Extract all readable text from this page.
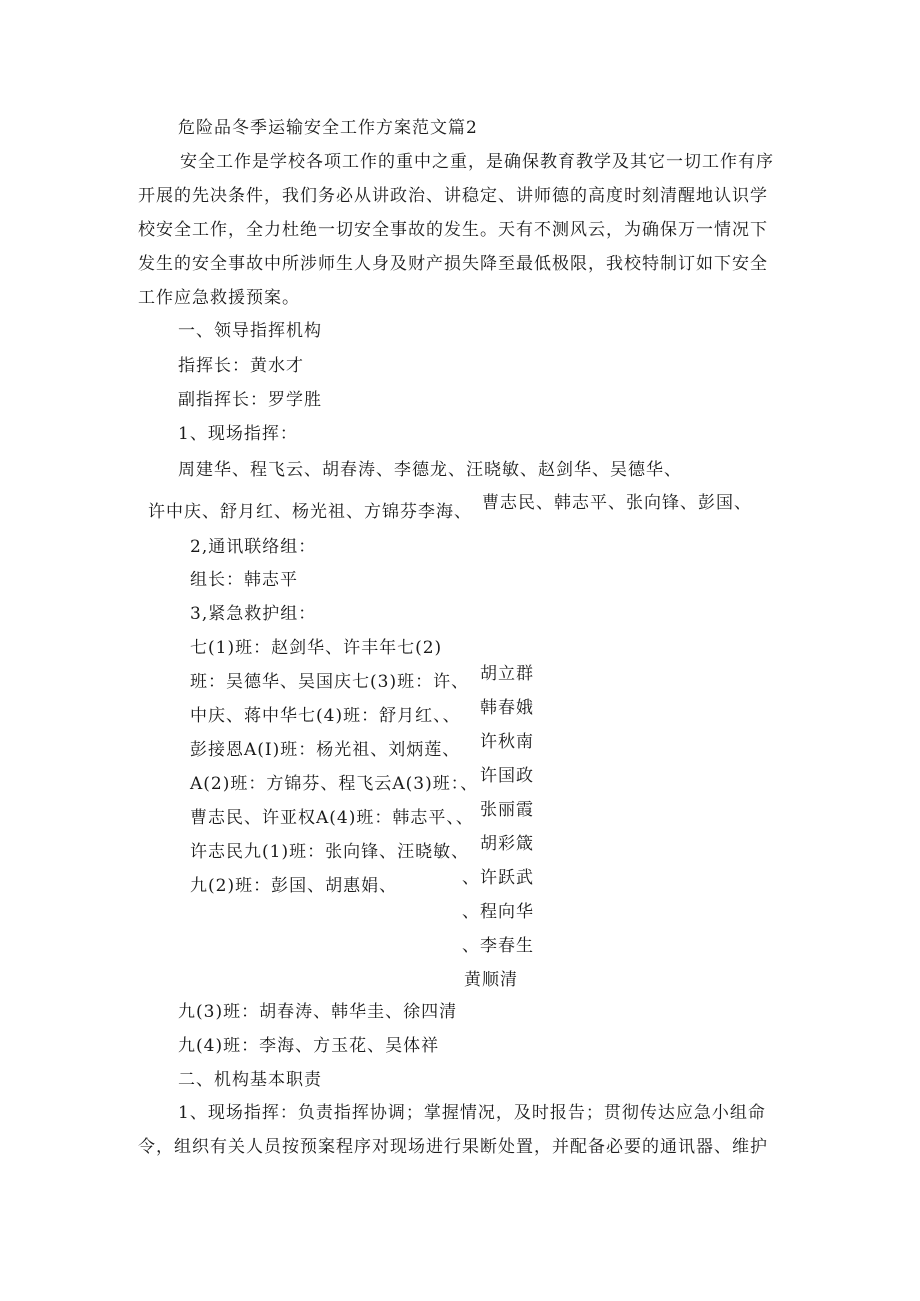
危险品冬季运输安全工作方案范文篇2
安全工作是学校各项工作的重中之重，是确保教育教学及其它一切工作有序
开展的先决条件，我们务必从讲政治、讲稳定、讲师德的高度时刻清醒地认识学
校安全工作，全力杜绝一切安全事故的发生。天有不测风云，为确保万一情况下
发生的安全事故中所涉师生人身及财产损失降至最低极限，我校特制订如下安全
工作应急救援预案。
一、领导指挥机构
指挥长：黄水才
副指挥长：罗学胜
1、现场指挥：
周建华、程飞云、胡春涛、李德龙、汪晓敏、赵剑华、吴德华、
许中庆、舒月红、杨光祖、方锦芬李海、 曹志民、韩志平、张向锋、彭国、
2,通讯联络组：
组长：韩志平
3,紧急救护组：
七(1)班：赵剑华、许丰年七(2)
班：吴德华、吴国庆七(3)班：许、
中庆、蒋中华七(4)班：舒月红、、
彭接恩A(I)班：杨光祖、刘炳莲、
A(2)班：方锦芬、程飞云A(3)班：、
曹志民、许亚权A(4)班：韩志平、、
许志民九(1)班：张向锋、汪晓敏、
九(2)班：彭国、胡惠娟、
胡立群
韩春娥
许秋南
许国政
张丽霞
胡彩箴
、许跃武
、程向华
、李春生
黄顺清
九(3)班：胡春涛、韩华圭、徐四清
九(4)班：李海、方玉花、吴体祥
二、机构基本职责
1、现场指挥：负责指挥协调；掌握情况，及时报告；贯彻传达应急小组命
令，组织有关人员按预案程序对现场进行果断处置，并配备必要的通讯器、维护
